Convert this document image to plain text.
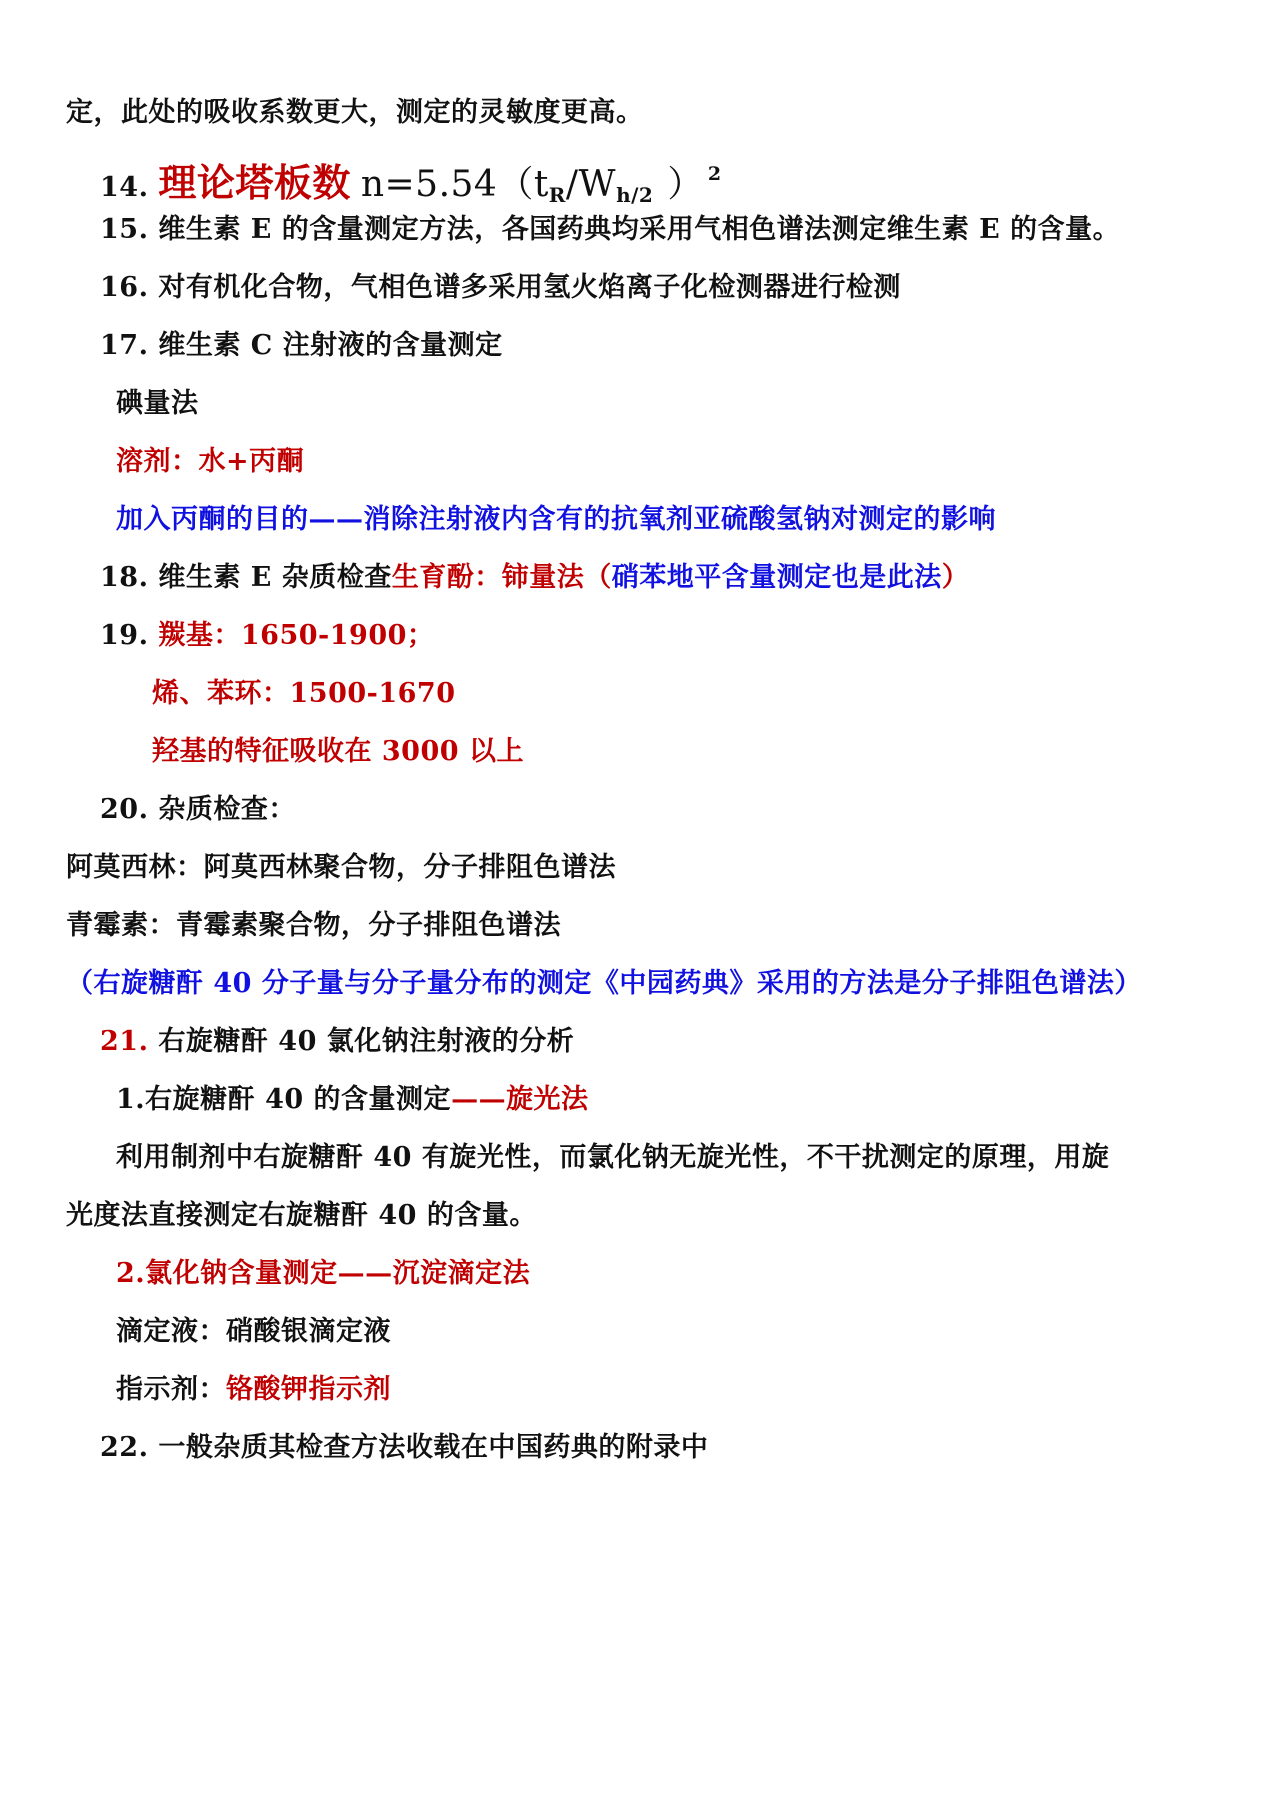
定，此处的吸收系数更大，测定的灵敏度更高。
14. 理论塔板数 $n=5.54(t_R/W_{h/2}$ ） $^2$
15. 维生素 E 的含量测定方法，各国药典均采用气相色谱法测定维生素 E 的含量。
16. 对有机化合物，气相色谱多采用氢火焰离子化检测器进行检测
17. 维生素 C 注射液的含量测定
碘量法
溶剂：水+丙酮
加入丙酮的目的——消除注射液内含有的抗氧剂亚硫酸氢钠对测定的影响
18. 维生素 E 杂质检查生育酚：铈量法（硝苯地平含量测定也是此法）
19. 羰基：1650-1900；
烯、苯环：1500-1670
羟基的特征吸收在 3000 以上
20. 杂质检查：
阿莫西林：阿莫西林聚合物，分子排阻色谱法
青霉素：青霉素聚合物，分子排阻色谱法
（右旋糖酐 40 分子量与分子量分布的测定《中园药典》采用的方法是分子排阻色谱法）
21. 右旋糖酐 40 氯化钠注射液的分析
1.右旋糖酐 40 的含量测定——旋光法
利用制剂中右旋糖酐 40 有旋光性，而氯化钠无旋光性，不干扰测定的原理，用旋
光度法直接测定右旋糖酐 40 的含量。
2.氯化钠含量测定——沉淀滴定法
滴定液：硝酸银滴定液
指示剂：铬酸钾指示剂
22. 一般杂质其检查方法收载在中国药典的附录中
